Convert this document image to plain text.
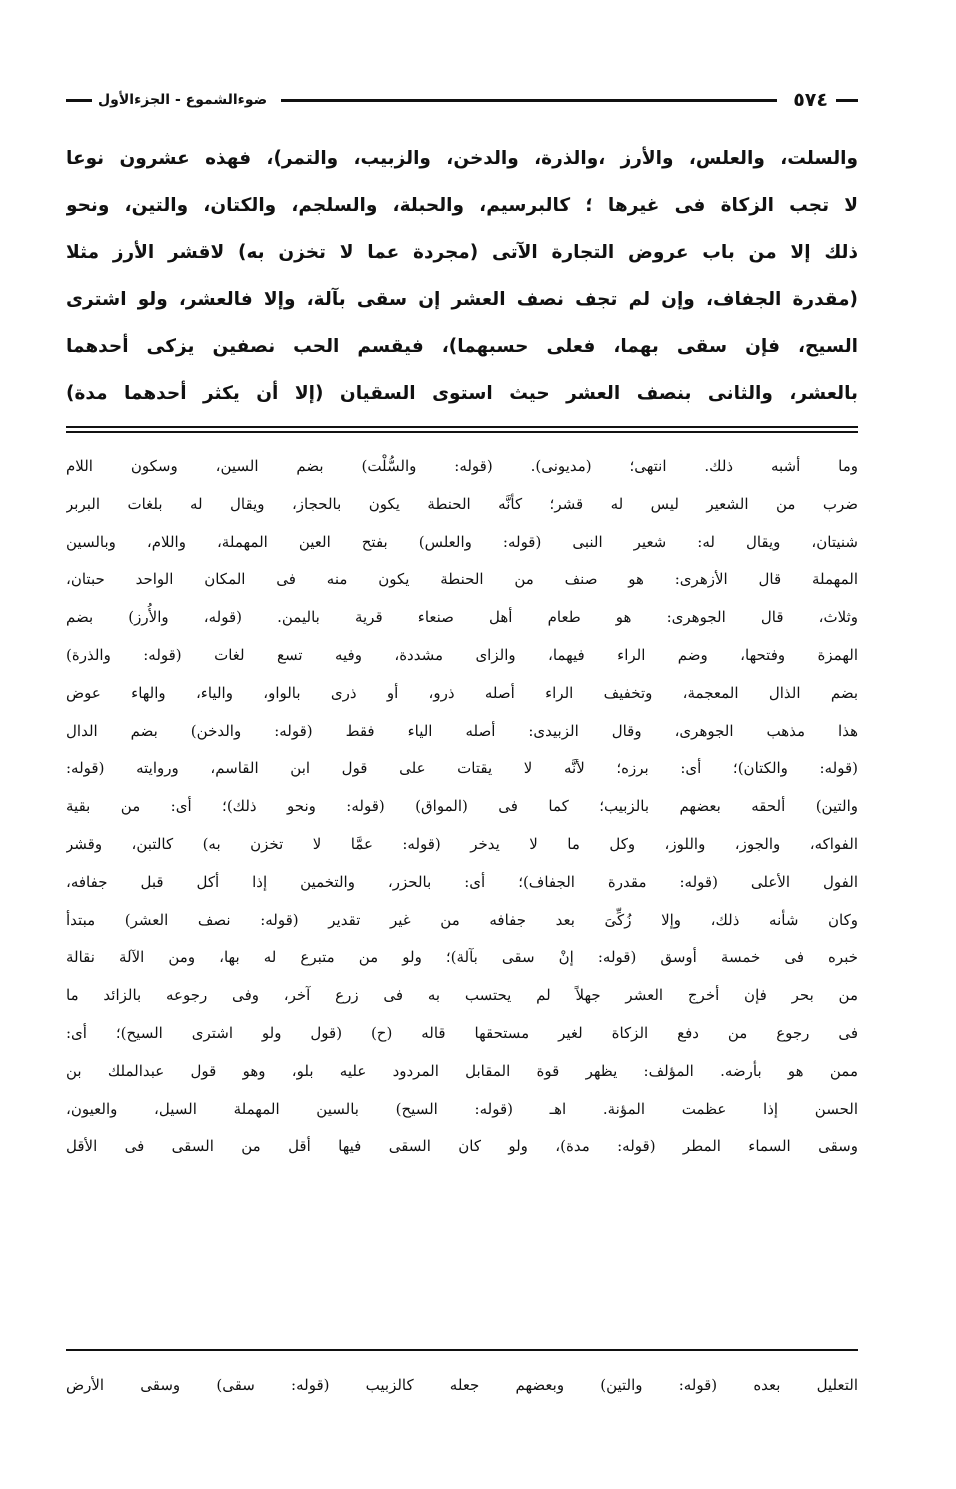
٥٧٤
ضوءالشموع - الجزءالأول
والسلت، والعلس، والأرز ،والذرة، والدخن، والزبيب، والتمر)، فهذه عشرون نوعا
لا تجب الزكاة فى غيرها ؛ كالبرسيم، والحبلة، والسلجم، والكتان، والتين، ونحو
ذلك إلا من باب عروض التجارة الآتى (مجردة عما لا تخزن به) لاقشر الأرز مثلا
(مقدرة الجفاف، وإن لم تجف نصف العشر إن سقى بآلة، وإلا فالعشر، ولو اشترى
السيح، فإن سقى بهما، فعلى حسبهما)، فيقسم الحب نصفين يزكى أحدهما
بالعشر، والثانى بنصف العشر حيث استوى السقيان (إلا أن يكثر أحدهما مدة)
وما أشبه ذلك. انتهى؛ (مديونى). (قوله: والسُّلْت) بضم السين، وسكون اللام
ضرب من الشعير ليس له قشر؛ كأنَّه الحنطة يكون بالحجاز، ويقال له بلغات البربر
شنيتان، ويقال له: شعير النبى (قوله: والعلس) بفتح العين المهملة، واللام، وبالسين
المهملة قال الأزهرى: هو صنف من الحنطة يكون منه فى المكان الواحد حبتان،
وثلاث، قال الجوهرى: هو طعام أهل صنعاء قرية باليمن. (قوله، والأُرز) بضم
الهمزة وفتحها، وضم الراء فيهما، والزاى مشددة، وفيه تسع لغات (قوله: والذرة)
بضم الذال المعجمة، وتخفيف الراء أصله ذرو، أو ذرى بالواو، والياء، والهاء عوض
هذا مذهب الجوهرى، وقال الزبيدى: أصله الياء فقط (قوله: والدخن) بضم الدال
(قوله: والكتان)؛ أى: برزه؛ لأنَّه لا يقتات على قول ابن القاسم، وروايته (قوله:
والتين) ألحقه بعضهم بالزبيب؛ كما فى (المواق) (قوله: ونحو ذلك)؛ أى: من بقية
الفواكه، والجوز، واللوز، وكل ما لا يدخر (قوله: عمَّا لا تخزن به) كالتبن، وقشر
الفول الأعلى (قوله: مقدرة الجفاف)؛ أى: بالحزر، والتخمين إذا أكل قبل جفافه،
وكان شأنه ذلك، وإلا زُكِّىَ بعد جفافه من غير تقدير (قوله: نصف العشر) مبتدأ
خبره فى خمسة أوسق (قوله: إنْ سقى بآلة)؛ ولو من متبرع له بها، ومن الآلة نقالة
من بحر فإن أخرج العشر جهلاً لم يحتسب به فى زرع آخر، وفى رجوعه بالزائد ما
فى رجوع من دفع الزكاة لغير مستحقها قاله (ح) (قول ولو اشترى السيح)؛ أى:
ممن هو بأرضه. المؤلف: يظهر قوة المقابل المردود عليه بلو، وهو قول عبدالملك بن
الحسن إذا عظمت المؤنة. اهـ (قوله: السيح) بالسين المهملة السيل، والعيون،
وسقى السماء المطر (قوله: مدة)، ولو كان السقى فيها أقل من السقى فى الأقل
التعليل بعده (قوله: والتين) وبعضهم جعله كالزبيب (قوله: سقى) وسقى الأرض
